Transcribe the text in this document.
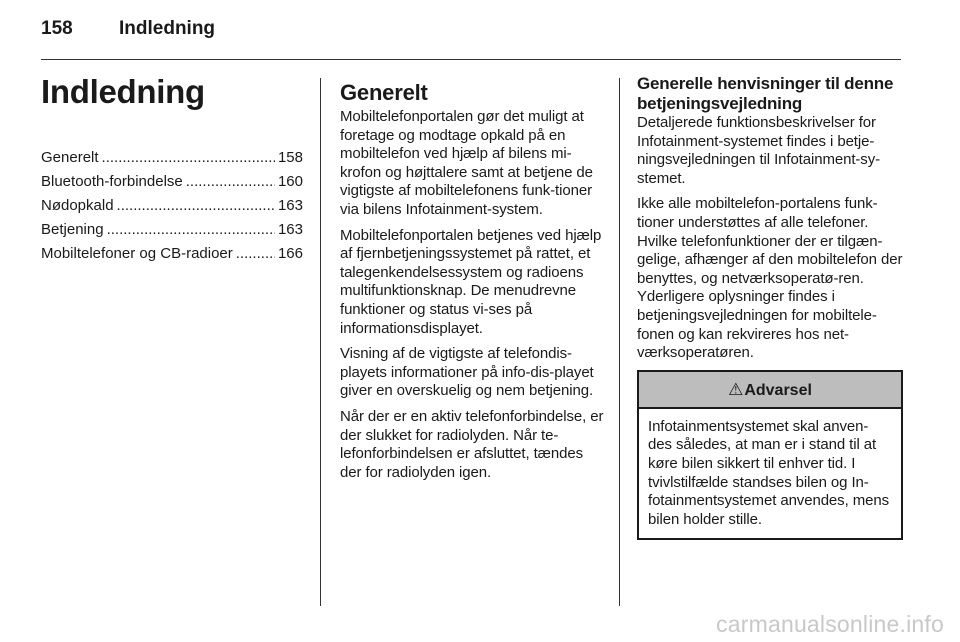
158 Indledning
Indledning
Generelt .....	158
Bluetooth-forbindelse .....	160
Nødopkald .....	163
Betjening .....	163
Mobiltelefoner og CB-radioer .....	166
Generelt

Mobiltelefonportalen gør det muligt at foretage og modtage opkald på en mobiltelefon ved hjælp af bilens mi-krofon og højttalere samt at betjene de vigtigste af mobiltelefonens funk-tioner via bilens Infotainment-system.

Mobiltelefonportalen betjenes ved hjælp af fjernbetjeningssystemet på rattet, et talegenkendelsessystem og radioens multifunktionsknap. De menudrevne funktioner og status vi-ses på informationsdisplayet.

Visning af de vigtigste af telefondis-playets informationer på info-dis-playet giver en overskuelig og nem betjening.

Når der er en aktiv telefonforbindelse, er der slukket for radiolyden. Når te-lefonforbindelsen er afsluttet, tændes der for radiolyden igen.

Generelle henvisninger til denne betjeningsvejledning

Detaljerede funktionsbeskrivelser for Infotainment-systemet findes i betje-ningsvejledningen til Infotainment-sy-stemet.

Ikke alle mobiltelefon-portalens funk-tioner understøttes af alle telefoner. Hvilke telefonfunktioner der er tilgæn-gelige, afhænger af den mobiltelefon der benyttes, og netværksoperatø-ren. Yderligere oplysninger findes i betjeningsvejledningen for mobiltele-fonen og kan rekvireres hos net-værksoperatøren.

⚠Advarsel
Infotainmentsystemet skal anven-des således, at man er i stand til at køre bilen sikkert til enhver tid. I tvivlstilfælde standses bilen og In-fotainmentsystemet anvendes, mens bilen holder stille.
carmanualsonline.info
